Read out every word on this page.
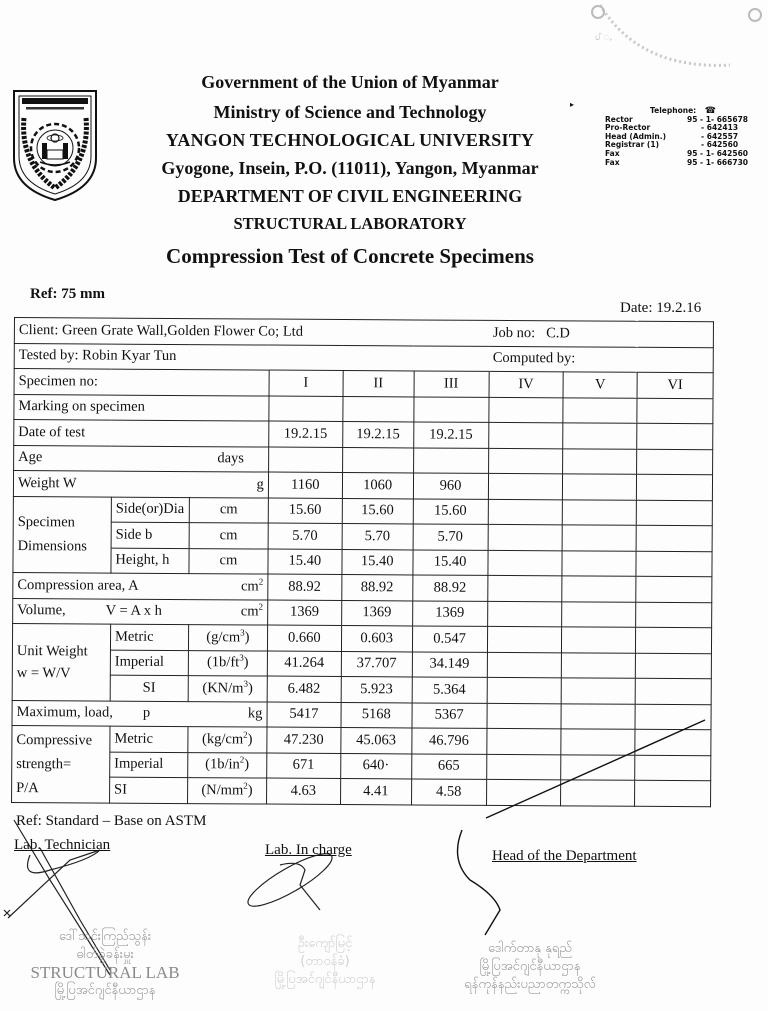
ᦔ ꩻ
Government of the Union of Myanmar
Ministry of Science and Technology
YANGON TECHNOLOGICAL UNIVERSITY
Gyogone, Insein, P.O. (11011), Yangon, Myanmar
DEPARTMENT OF CIVIL ENGINEERING
STRUCTURAL LABORATORY
Compression Test of Concrete Specimens
▸
Telephone: ☎
Rector	95 - 1- 665678
Pro-Rector	- 642413
Head (Admin.)	- 642557
Registrar (1)	- 642560
Fax	95 - 1- 642560
Fax	95 - 1- 666730
Ref: 75 mm
Date: 19.2.16
Client: Green Grate Wall,Golden Flower Co; Ltd						Job no: C.D		
Tested by: Robin Kyar Tun						Computed by:		
Specimen no:			I	II	III	IV	V	VI
Marking on specimen								
Date of test			19.2.15	19.2.15	19.2.15			
Age days								

Weight W g			1160	1060	960			
Specimen
Dimensions	Side(or)Dia	cm	15.60	15.60	15.60			
	Side b	cm	5.70	5.70	5.70			
	Height, h	cm	15.40	15.40	15.40			
Compression area, A $cm^2$			88.92	88.92	88.92			
Volume, V = A x h $cm^2$			1369	1369	1369			
Unit Weight
w = W/V	Metric	$(g/cm^3)$	0.660	0.603	0.547			
	Imperial	$(1b/ft^3)$	41.264	37.707	34.149			
	SI	$(KN/m^3)$	6.482	5.923	5.364			
Maximum, load, p kg			5417	5168	5367			
Compressive
strength=
P/A	Metric	$(kg/cm^2)$	47.230	45.063	46.796			
	Imperial	$(1b/in^2)$	671	640·	665			
	SI	$(N/mm^2)$	4.63	4.41	4.58			
Ref: Standard – Base on ASTM
Lab. Technician	Lab. In charge	Head of the Department
ဒေါ်သင်းကြည်သွန်း
ဓါတ်ခွဲခန်းမှူး
STRUCTURAL LAB
မြို့ပြအင်ဂျင်နီယာဌာန
ဦးကျော်မြင့်
(တာဝန်ခံ)
မြို့ပြအင်ဂျင်နီယာဌာန
ဒေါက်တာနု နုရည်
မြို့ပြအင်ဂျင်နီယာဌာန
ရန်ကုန်နည်းပညာတက္ကသိုလ်
